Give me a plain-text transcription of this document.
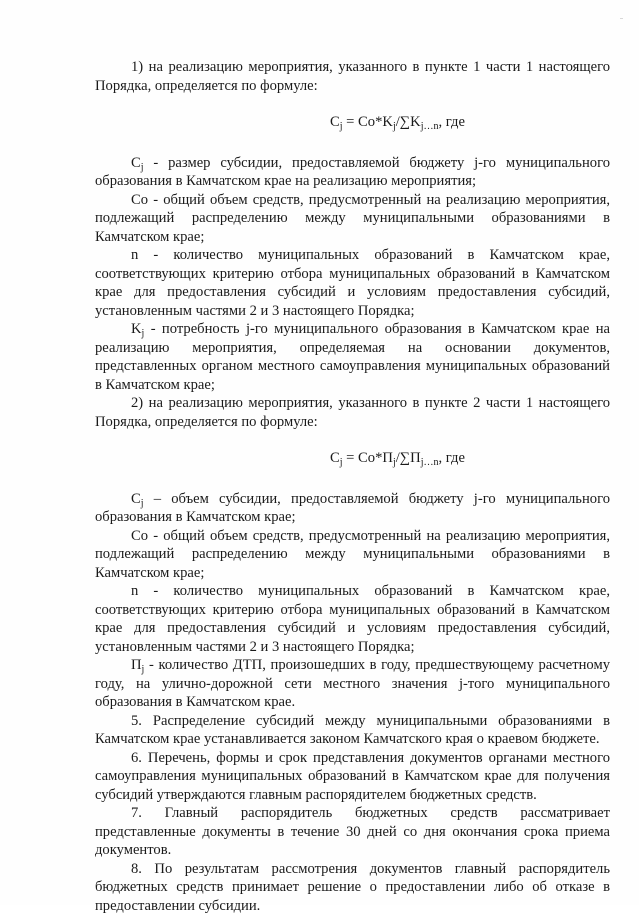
1) на реализацию мероприятия, указанного в пункте 1 части 1 настоящего Порядка, определяется по формуле:

$C_j = Co*K_j/\sum K_{j\dots n}$, где

$C_j$ - размер субсидии, предоставляемой бюджету j-го муниципального образования в Камчатском крае на реализацию мероприятия;

Co - общий объем средств, предусмотренный на реализацию мероприятия, подлежащий распределению между муниципальными образованиями в Камчатском крае;

n - количество муниципальных образований в Камчатском крае, соответствующих критерию отбора муниципальных образований в Камчатском крае для предоставления субсидий и условиям предоставления субсидий, установленным частями 2 и 3 настоящего Порядка;

$K_j$ - потребность j-го муниципального образования в Камчатском крае на реализацию мероприятия, определяемая на основании документов, представленных органом местного самоуправления муниципальных образований в Камчатском крае;

2) на реализацию мероприятия, указанного в пункте 2 части 1 настоящего Порядка, определяется по формуле:

$C_j = Co*П_j/\sum П_{j\dots n}$, где

$C_j$ – объем субсидии, предоставляемой бюджету j-го муниципального образования в Камчатском крае;

Co - общий объем средств, предусмотренный на реализацию мероприятия, подлежащий распределению между муниципальными образованиями в Камчатском крае;

n - количество муниципальных образований в Камчатском крае, соответствующих критерию отбора муниципальных образований в Камчатском крае для предоставления субсидий и условиям предоставления субсидий, установленным частями 2 и 3 настоящего Порядка;

$П_j$ - количество ДТП, произошедших в году, предшествующему расчетному году, на улично-дорожной сети местного значения j-того муниципального образования в Камчатском крае.

5. Распределение субсидий между муниципальными образованиями в Камчатском крае устанавливается законом Камчатского края о краевом бюджете.

6. Перечень, формы и срок представления документов органами местного самоуправления муниципальных образований в Камчатском крае для получения субсидий утверждаются главным распорядителем бюджетных средств.

7. Главный распорядитель бюджетных средств рассматривает представленные документы в течение 30 дней со дня окончания срока приема документов.

8. По результатам рассмотрения документов главный распорядитель бюджетных средств принимает решение о предоставлении либо об отказе в предоставлении субсидии.
